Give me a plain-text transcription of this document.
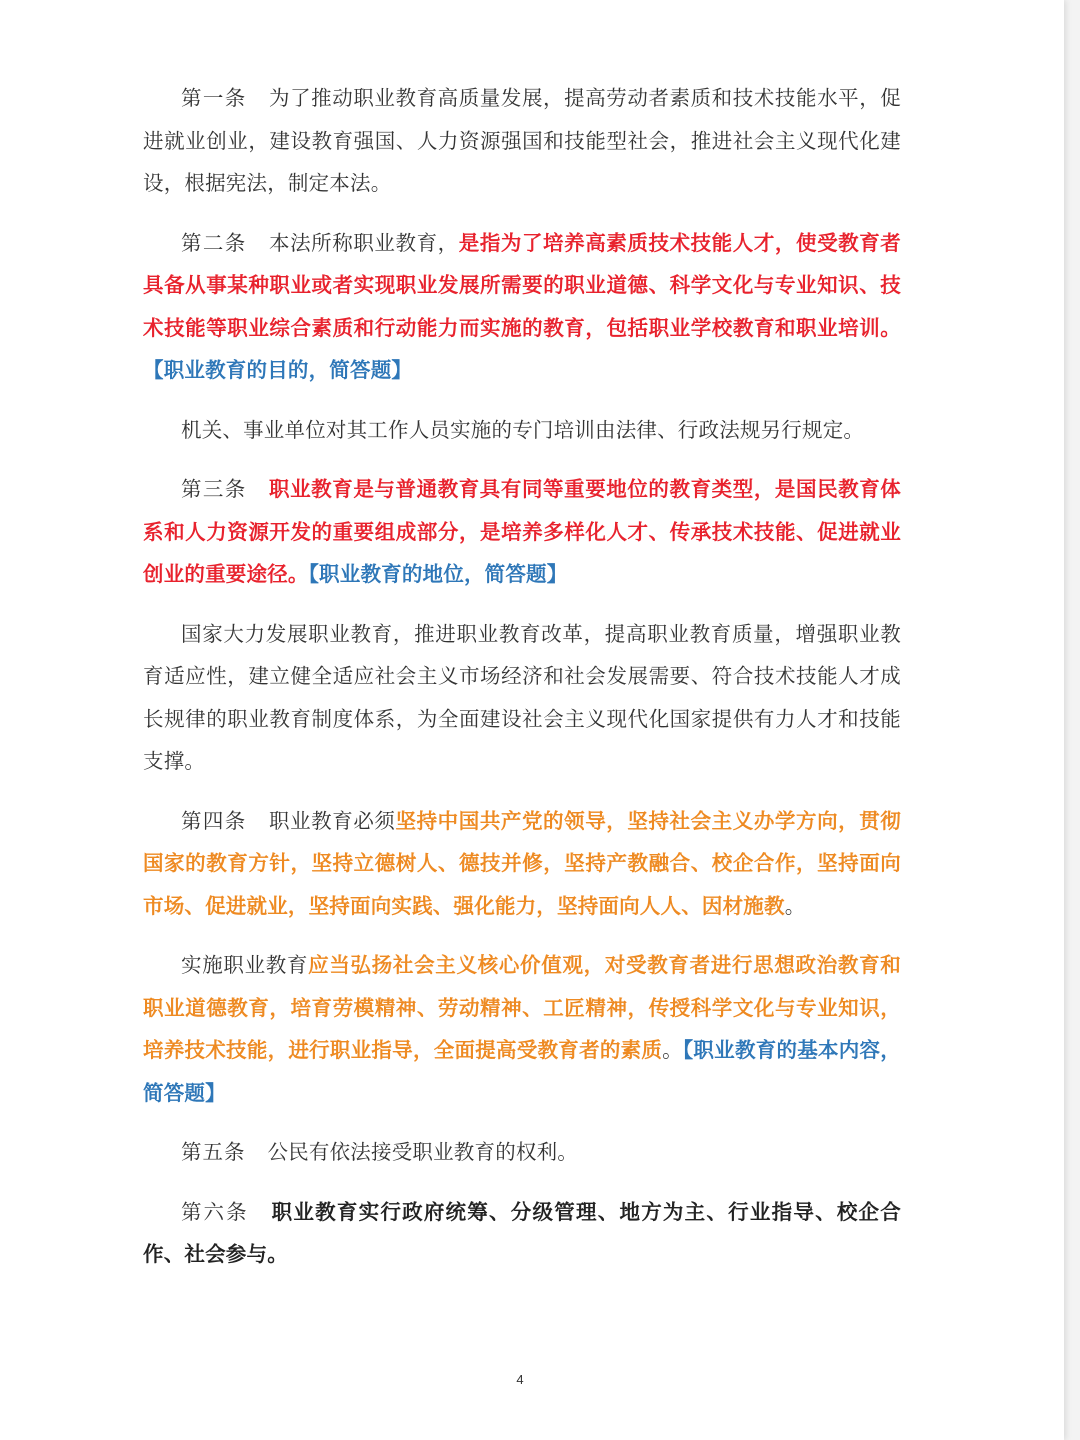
第一条 为了推动职业教育高质量发展，提高劳动者素质和技术技能水平，促进就业创业，建设教育强国、人力资源强国和技能型社会，推进社会主义现代化建设，根据宪法，制定本法。

第二条 本法所称职业教育，是指为了培养高素质技术技能人才，使受教育者具备从事某种职业或者实现职业发展所需要的职业道德、科学文化与专业知识、技术技能等职业综合素质和行动能力而实施的教育，包括职业学校教育和职业培训。【职业教育的目的，简答题】

机关、事业单位对其工作人员实施的专门培训由法律、行政法规另行规定。

第三条 职业教育是与普通教育具有同等重要地位的教育类型，是国民教育体系和人力资源开发的重要组成部分，是培养多样化人才、传承技术技能、促进就业创业的重要途径。【职业教育的地位，简答题】

国家大力发展职业教育，推进职业教育改革，提高职业教育质量，增强职业教育适应性，建立健全适应社会主义市场经济和社会发展需要、符合技术技能人才成长规律的职业教育制度体系，为全面建设社会主义现代化国家提供有力人才和技能支撑。

第四条 职业教育必须坚持中国共产党的领导，坚持社会主义办学方向，贯彻国家的教育方针，坚持立德树人、德技并修，坚持产教融合、校企合作，坚持面向市场、促进就业，坚持面向实践、强化能力，坚持面向人人、因材施教。

实施职业教育应当弘扬社会主义核心价值观，对受教育者进行思想政治教育和职业道德教育，培育劳模精神、劳动精神、工匠精神，传授科学文化与专业知识，培养技术技能，进行职业指导，全面提高受教育者的素质。【职业教育的基本内容，简答题】

第五条 公民有依法接受职业教育的权利。

第六条 职业教育实行政府统筹、分级管理、地方为主、行业指导、校企合作、社会参与。

4
